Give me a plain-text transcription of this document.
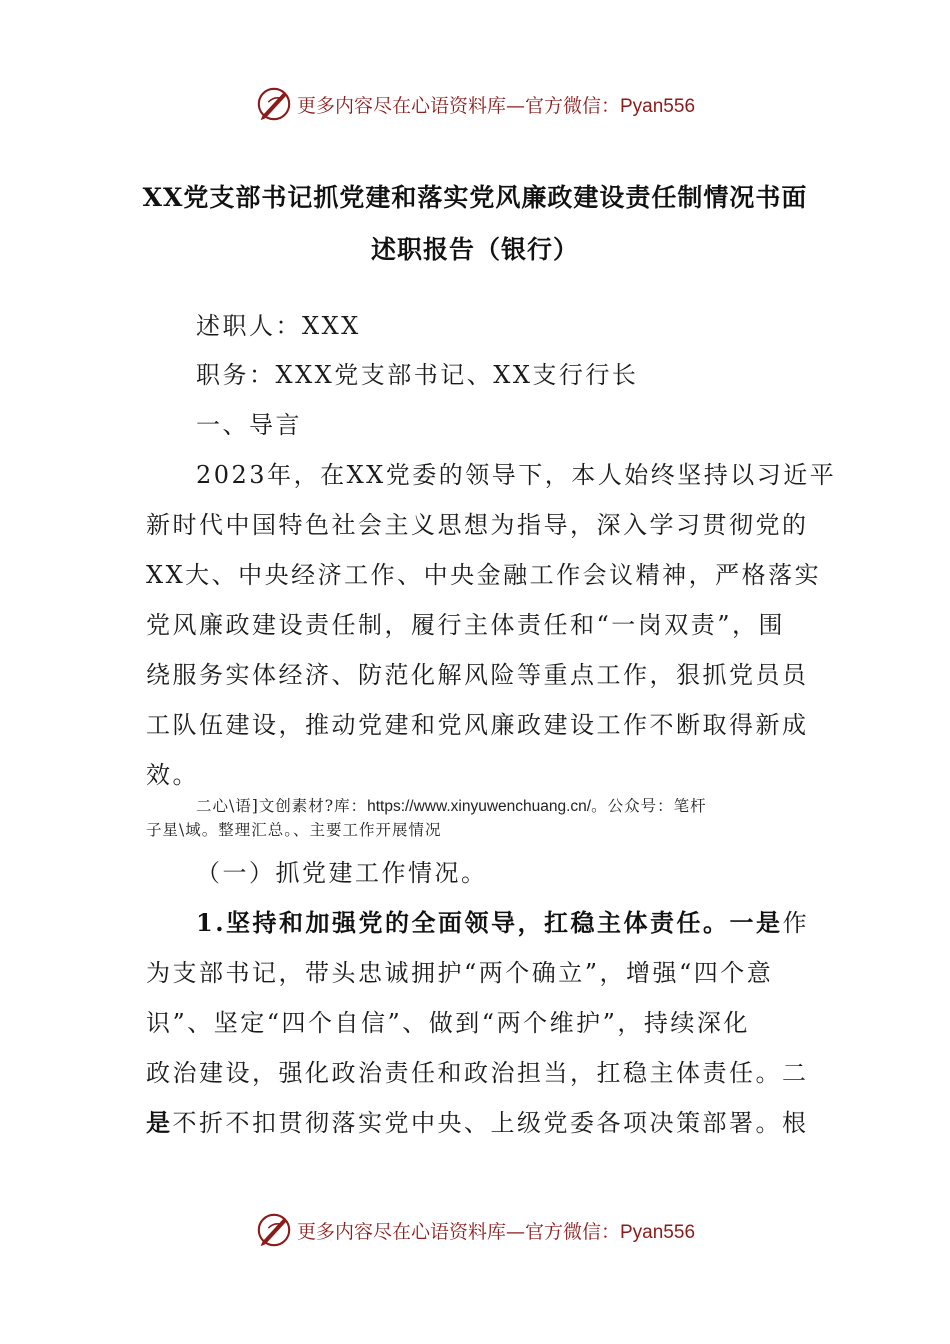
更多内容尽在心语资料库—官方微信：Pyan556
XX党支部书记抓党建和落实党风廉政建设责任制情况书面
述职报告（银行）
述职人：XXX
职务：XXX党支部书记、XX支行行长
一、导言
2023年，在XX党委的领导下，本人始终坚持以习近平
新时代中国特色社会主义思想为指导，深入学习贯彻党的
XX大、中央经济工作、中央金融工作会议精神，严格落实
党风廉政建设责任制，履行主体责任和“一岗双责”，围
绕服务实体经济、防范化解风险等重点工作，狠抓党员员
工队伍建设，推动党建和党风廉政建设工作不断取得新成
效。
二心\语]文创素材?库：https://www.xinyuwenchuang.cn/。公众号：笔杆
子星\域。整理汇总。、主要工作开展情况
（一）抓党建工作情况。
1.坚持和加强党的全面领导，扛稳主体责任。一是作
为支部书记，带头忠诚拥护“两个确立”，增强“四个意
识”、坚定“四个自信”、做到“两个维护”，持续深化
政治建设，强化政治责任和政治担当，扛稳主体责任。二
是不折不扣贯彻落实党中央、上级党委各项决策部署。根
更多内容尽在心语资料库—官方微信：Pyan556
